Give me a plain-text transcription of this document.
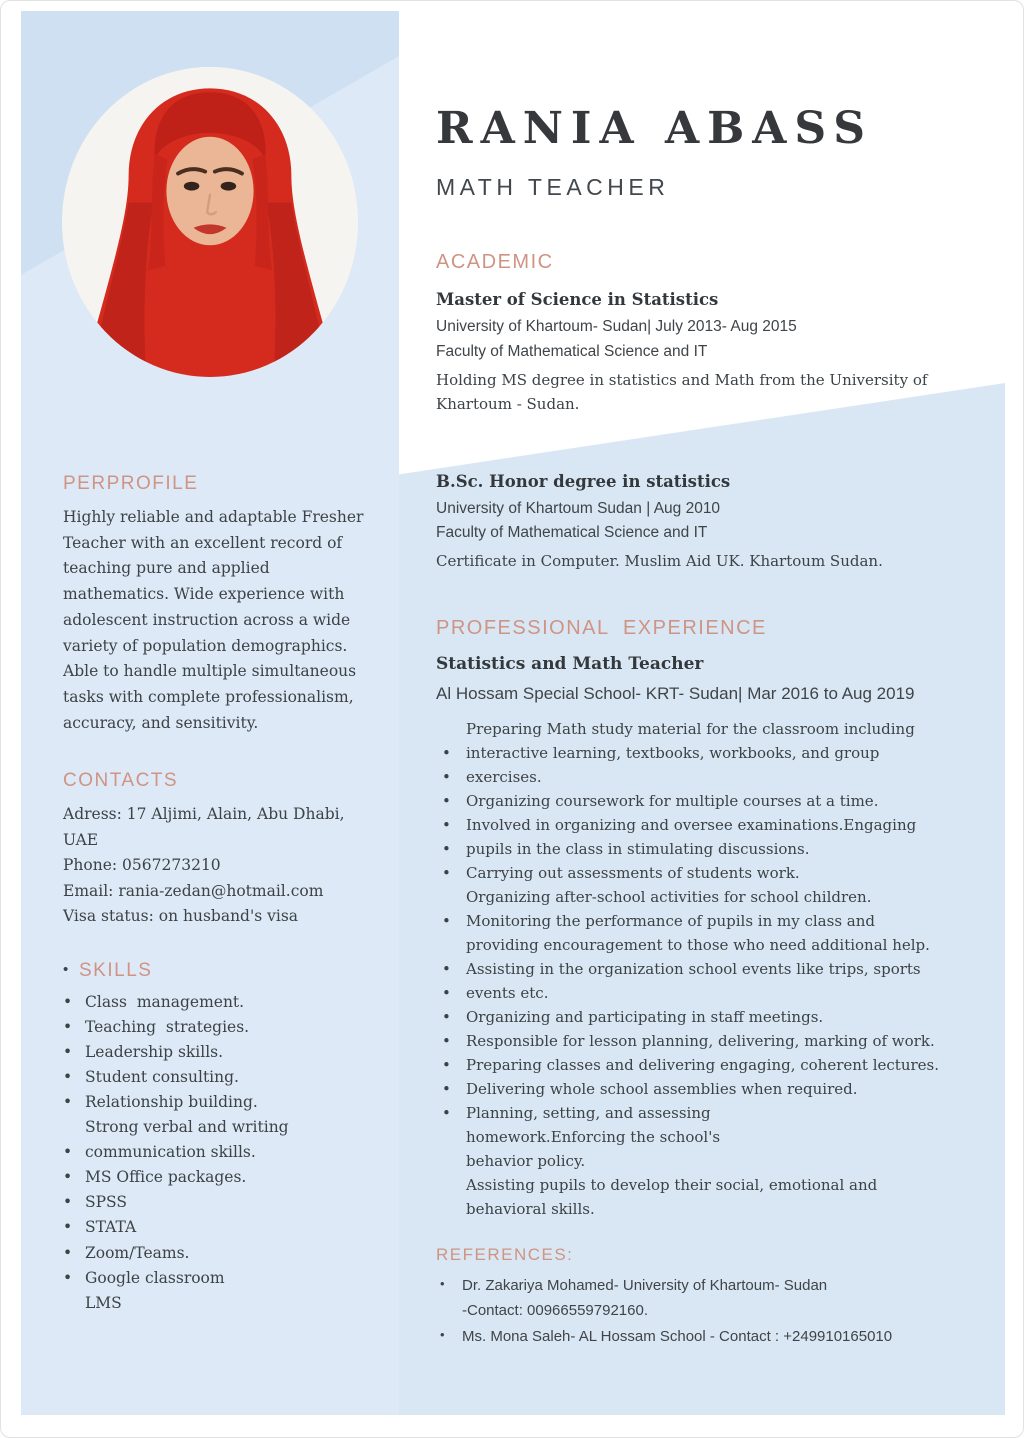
PERPROFILE

Highly reliable and adaptable Fresher Teacher with an excellent record of teaching pure and applied mathematics. Wide experience with adolescent instruction across a wide variety of population demographics. Able to handle multiple simultaneous tasks with complete professionalism, accuracy, and sensitivity.

CONTACTS
Adress: 17 Aljimi, Alain, Abu Dhabi, UAE
Phone: 0567273210
Email: rania-zedan@hotmail.com
Visa status: on husband's visa
• SKILLS
• Class  management.
• Teaching  strategies.
• Leadership skills.
• Student consulting.
• Relationship building.
Strong verbal and writing
• communication skills.
• MS Office packages.
• SPSS
• STATA
• Zoom/Teams.
• Google classroom
LMS
RANIA ABASS
MATH TEACHER
ACADEMIC
Master of Science in Statistics
University of Khartoum- Sudan| July 2013- Aug 2015
Faculty of Mathematical Science and IT
Holding MS degree in statistics and Math from the University of Khartoum - Sudan.
B.Sc. Honor degree in statistics
University of Khartoum Sudan | Aug 2010
Faculty of Mathematical Science and IT
Certificate in Computer. Muslim Aid UK. Khartoum Sudan.
PROFESSIONAL  EXPERIENCE
Statistics and Math Teacher
Al Hossam Special School- KRT- Sudan| Mar 2016 to Aug 2019
Preparing Math study material for the classroom including
•	interactive learning, textbooks, workbooks, and group
•	exercises.
•	Organizing coursework for multiple courses at a time.
•	Involved in organizing and oversee examinations.Engaging
•	pupils in the class in stimulating discussions.
•	Carrying out assessments of students work.
Organizing after-school activities for school children.
•	Monitoring the performance of pupils in my class and
providing encouragement to those who need additional help.
•	Assisting in the organization school events like trips, sports
•	events etc.
•	Organizing and participating in staff meetings.
•	Responsible for lesson planning, delivering, marking of work.
•	Preparing classes and delivering engaging, coherent lectures.
•	Delivering whole school assemblies when required.
•	Planning, setting, and assessing
homework.Enforcing the school's
behavior policy.
Assisting pupils to develop their social, emotional and
behavioral skills.
REFERENCES:
•	Dr. Zakariya Mohamed- University of Khartoum- Sudan
-Contact: 00966559792160.
•	Ms. Mona Saleh- AL Hossam School - Contact : +249910165010
